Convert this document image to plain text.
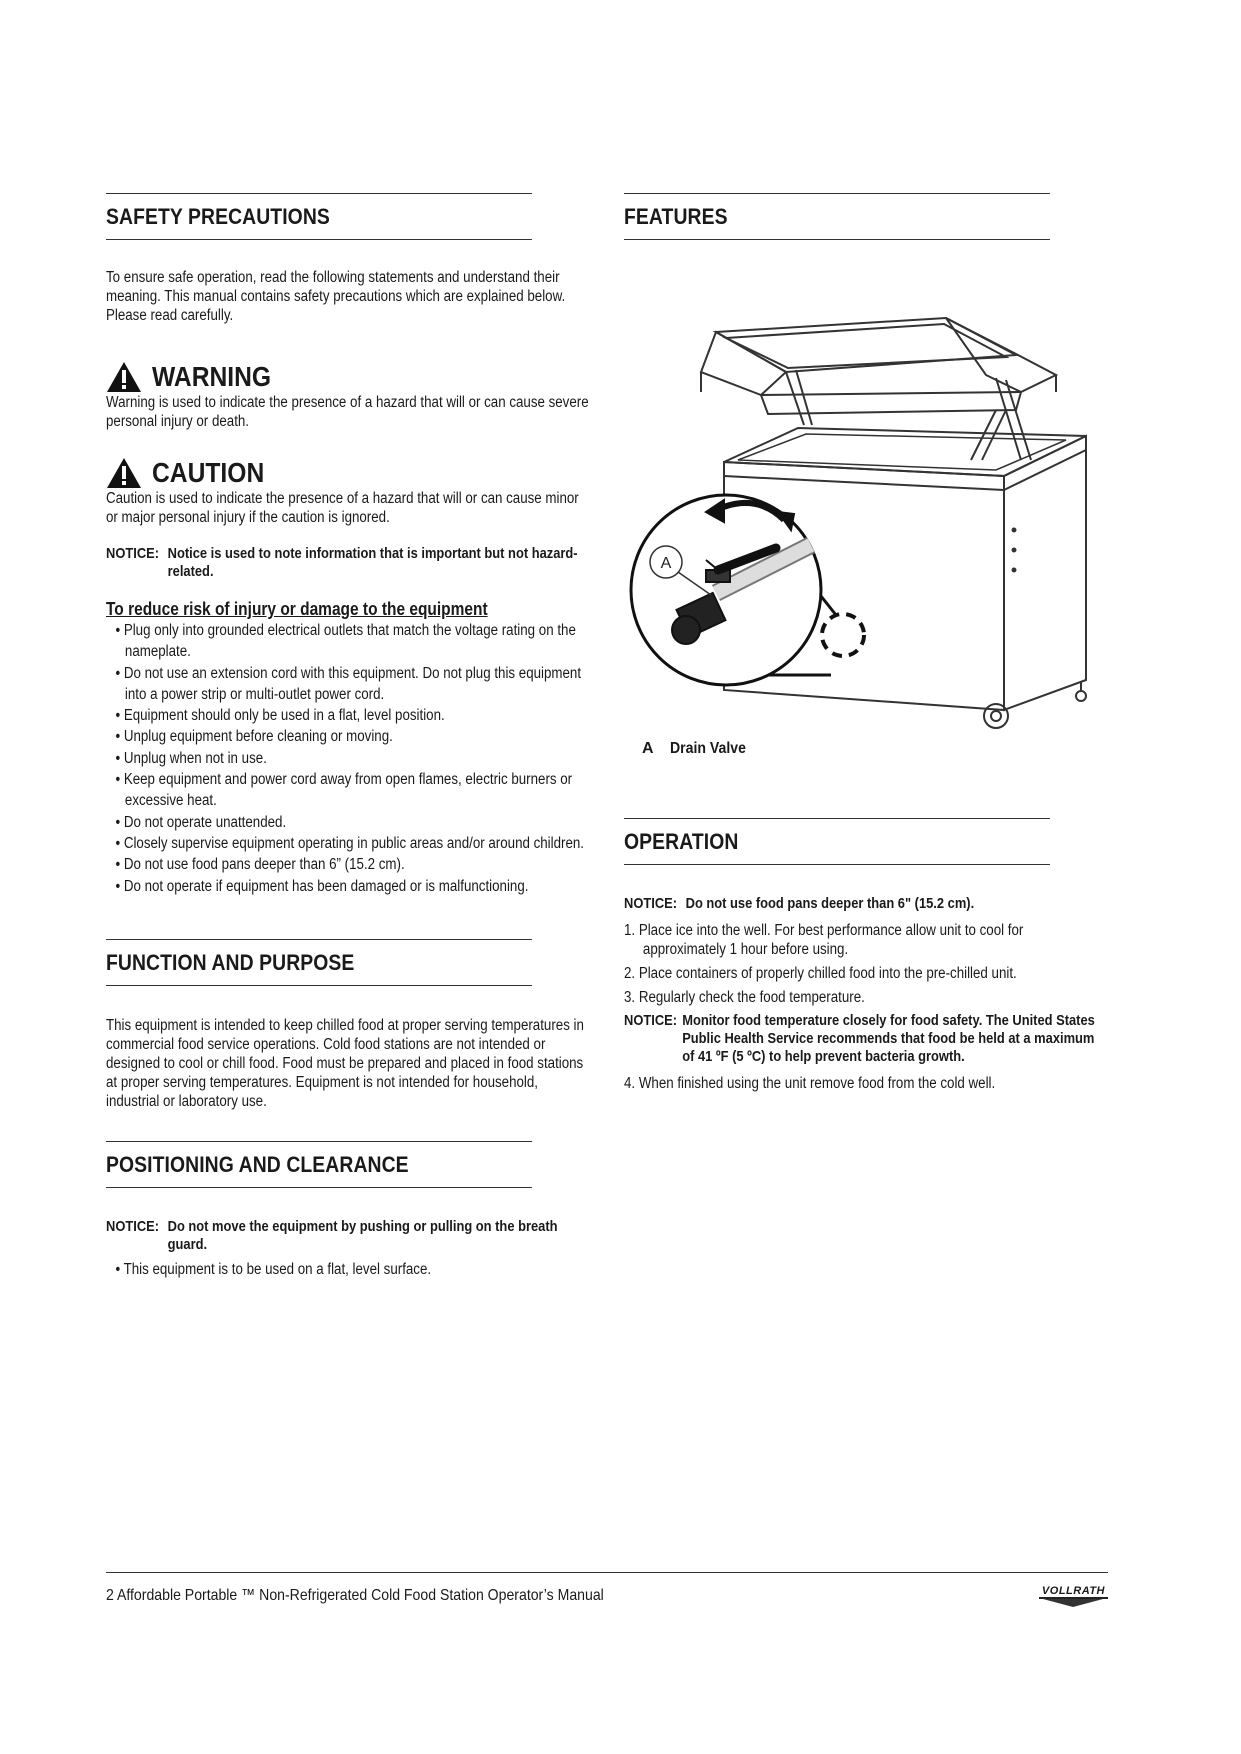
SAFETY PRECAUTIONS

To ensure safe operation, read the following statements and understand their meaning. This manual contains safety precautions which are explained below. Please read carefully.

WARNING

Warning is used to indicate the presence of a hazard that will or can cause severe personal injury or death.

CAUTION

Caution is used to indicate the presence of a hazard that will or can cause minor or major personal injury if the caution is ignored.

NOTICE: Notice is used to note information that is important but not hazard-related.

To reduce risk of injury or damage to the equipment

• Plug only into grounded electrical outlets that match the voltage rating on the nameplate.
• Do not use an extension cord with this equipment. Do not plug this equipment into a power strip or multi-outlet power cord.
• Equipment should only be used in a flat, level position.
• Unplug equipment before cleaning or moving.
• Unplug when not in use.
• Keep equipment and power cord away from open flames, electric burners or excessive heat.
• Do not operate unattended.
• Closely supervise equipment operating in public areas and/or around children.
• Do not use food pans deeper than 6” (15.2 cm).
• Do not operate if equipment has been damaged or is malfunctioning.
FUNCTION AND PURPOSE

This equipment is intended to keep chilled food at proper serving temperatures in commercial food service operations. Cold food stations are not intended or designed to cool or chill food. Food must be prepared and placed in food stations at proper serving temperatures. Equipment is not intended for household, industrial or laboratory use.

POSITIONING AND CLEARANCE
NOTICE: Do not move the equipment by pushing or pulling on the breath guard.
• This equipment is to be used on a flat, level surface.
FEATURES
A
A Drain Valve
OPERATION
NOTICE: Do not use food pans deeper than 6" (15.2 cm).
1. Place ice into the well. For best performance allow unit to cool for approximately 1 hour before using.
2. Place containers of properly chilled food into the pre-chilled unit.
3. Regularly check the food temperature.
NOTICE: Monitor food temperature closely for food safety. The United States Public Health Service recommends that food be held at a maximum of 41 ºF (5 ºC) to help prevent bacteria growth.
4. When finished using the unit remove food from the cold well.
2 Affordable Portable ™ Non-Refrigerated Cold Food Station Operator’s Manual	VOLLRATH
